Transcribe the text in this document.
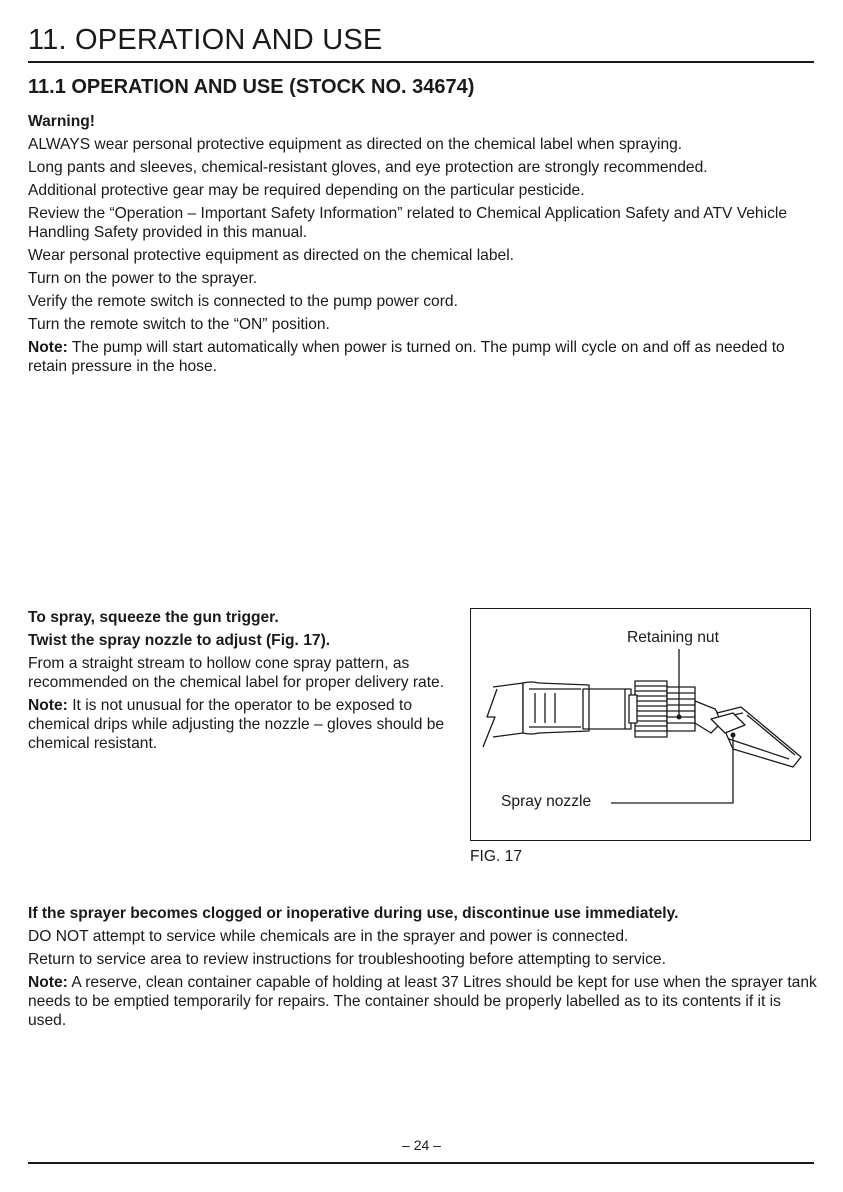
11. OPERATION AND USE
11.1 OPERATION AND USE (STOCK NO. 34674)

Warning!

ALWAYS wear personal protective equipment as directed on the chemical label when spraying.

Long pants and sleeves, chemical-resistant gloves, and eye protection are strongly recommended.

Additional protective gear may be required depending on the particular pesticide.

Review the “Operation – Important Safety Information” related to Chemical Application Safety and ATV Vehicle Handling Safety provided in this manual.

Wear personal protective equipment as directed on the chemical label.

Turn on the power to the sprayer.

Verify the remote switch is connected to the pump power cord.

Turn the remote switch to the “ON” position.

Note: The pump will start automatically when power is turned on. The pump will cycle on and off as needed to retain pressure in the hose.

To spray, squeeze the gun trigger.

Twist the spray nozzle to adjust (Fig. 17).

From a straight stream to hollow cone spray pattern, as recommended on the chemical label for proper delivery rate.

Note: It is not unusual for the operator to be exposed to chemical drips while adjusting the nozzle – gloves should be chemical resistant.

Retaining nut
Spray nozzle
FIG. 17

If the sprayer becomes clogged or inoperative during use, discontinue use immediately.

DO NOT attempt to service while chemicals are in the sprayer and power is connected.

Return to service area to review instructions for troubleshooting before attempting to service.

Note: A reserve, clean container capable of holding at least 37 Litres should be kept for use when the sprayer tank needs to be emptied temporarily for repairs. The container should be properly labelled as to its contents if it is used.

– 24 –
